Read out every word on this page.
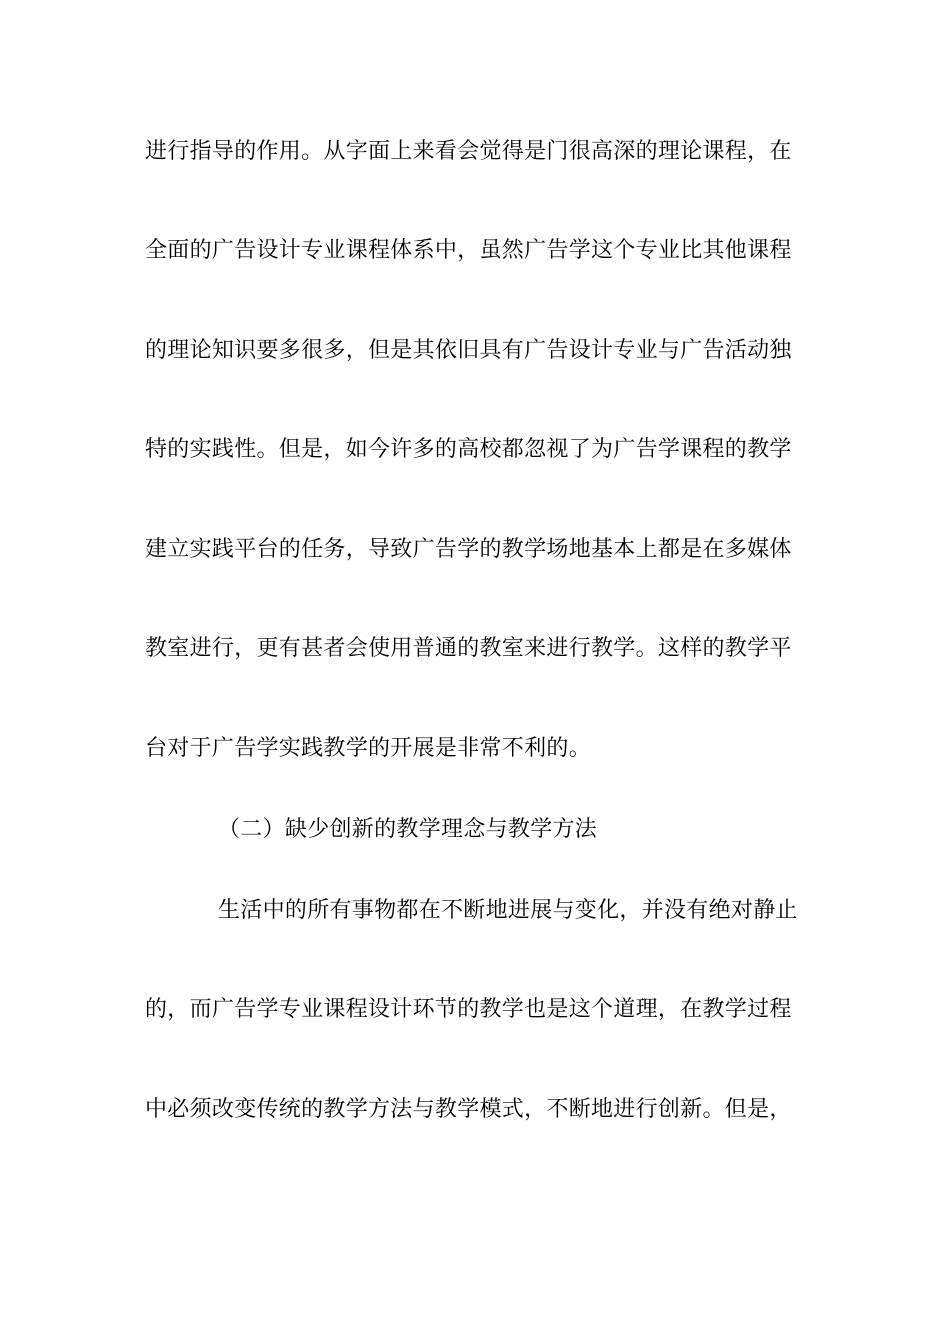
进行指导的作用。从字面上来看会觉得是门很高深的理论课程，在
全面的广告设计专业课程体系中，虽然广告学这个专业比其他课程
的理论知识要多很多，但是其依旧具有广告设计专业与广告活动独
特的实践性。但是，如今许多的高校都忽视了为广告学课程的教学
建立实践平台的任务，导致广告学的教学场地基本上都是在多媒体
教室进行，更有甚者会使用普通的教室来进行教学。这样的教学平
台对于广告学实践教学的开展是非常不利的。
（二）缺少创新的教学理念与教学方法
生活中的所有事物都在不断地进展与变化，并没有绝对静止
的，而广告学专业课程设计环节的教学也是这个道理，在教学过程
中必须改变传统的教学方法与教学模式，不断地进行创新。但是，
